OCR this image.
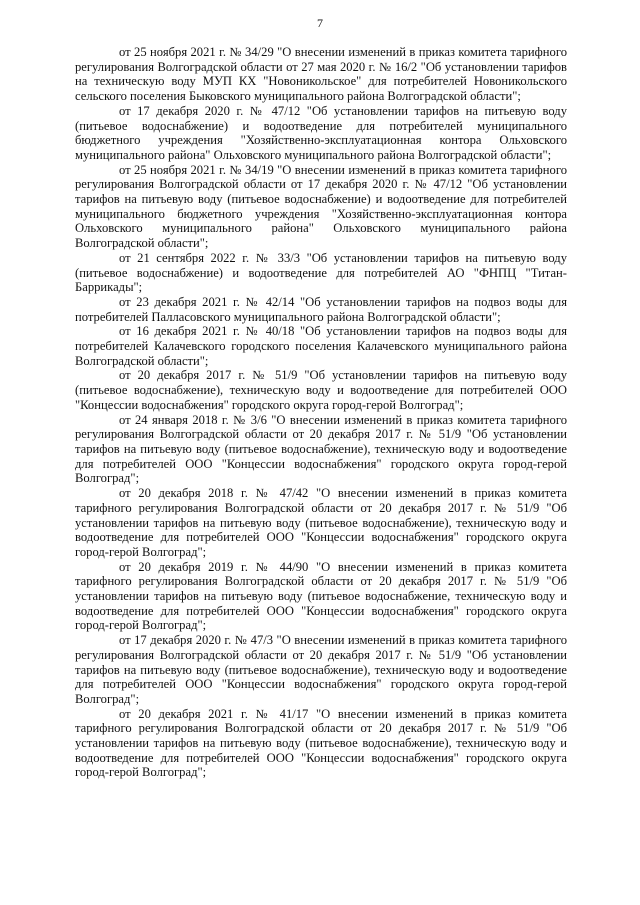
7

от 25 ноября 2021 г. № 34/29 "О внесении изменений в приказ комитета тарифного регулирования Волгоградской области от 27 мая 2020 г. № 16/2 "Об установлении тарифов на техническую воду МУП КХ "Новоникольское" для потребителей Новоникольского сельского поселения Быковского муниципального района Волгоградской области";

от 17 декабря 2020 г. № 47/12 "Об установлении тарифов на питьевую воду (питьевое водоснабжение) и водоотведение для потребителей муниципального бюджетного учреждения "Хозяйственно-эксплуатационная контора Ольховского муниципального района" Ольховского муниципального района Волгоградской области";

от 25 ноября 2021 г. № 34/19 "О внесении изменений в приказ комитета тарифного регулирования Волгоградской области от 17 декабря 2020 г. № 47/12 "Об установлении тарифов на питьевую воду (питьевое водоснабжение) и водоотведение для потребителей муниципального бюджетного учреждения "Хозяйственно-эксплуатационная контора Ольховского муниципального района" Ольховского муниципального района Волгоградской области";

от 21 сентября 2022 г. № 33/3 "Об установлении тарифов на питьевую воду (питьевое водоснабжение) и водоотведение для потребителей АО "ФНПЦ "Титан-Баррикады";

от 23 декабря 2021 г. № 42/14 "Об установлении тарифов на подвоз воды для потребителей Палласовского муниципального района Волгоградской области";

от 16 декабря 2021 г. № 40/18 "Об установлении тарифов на подвоз воды для потребителей Калачевского городского поселения Калачевского муниципального района Волгоградской области";

от 20 декабря 2017 г. № 51/9 "Об установлении тарифов на питьевую воду (питьевое водоснабжение), техническую воду и водоотведение для потребителей ООО "Концессии водоснабжения" городского округа город-герой Волгоград";

от 24 января 2018 г. № 3/6 "О внесении изменений в приказ комитета тарифного регулирования Волгоградской области от 20 декабря 2017 г. № 51/9 "Об установлении тарифов на питьевую воду (питьевое водоснабжение), техническую воду и водоотведение для потребителей ООО "Концессии водоснабжения" городского округа город-герой Волгоград";

от 20 декабря 2018 г. № 47/42 "О внесении изменений в приказ комитета тарифного регулирования Волгоградской области от 20 декабря 2017 г. № 51/9 "Об установлении тарифов на питьевую воду (питьевое водоснабжение), техническую воду и водоотведение для потребителей ООО "Концессии водоснабжения" городского округа город-герой Волгоград";

от 20 декабря 2019 г. № 44/90 "О внесении изменений в приказ комитета тарифного регулирования Волгоградской области от 20 декабря 2017 г. № 51/9 "Об установлении тарифов на питьевую воду (питьевое водоснабжение, техническую воду и водоотведение для потребителей ООО "Концессии водоснабжения" городского округа город-герой Волгоград";

от 17 декабря 2020 г. № 47/3 "О внесении изменений в приказ комитета тарифного регулирования Волгоградской области от 20 декабря 2017 г. № 51/9 "Об установлении тарифов на питьевую воду (питьевое водоснабжение), техническую воду и водоотведение для потребителей ООО "Концессии водоснабжения" городского округа город-герой Волгоград";

от 20 декабря 2021 г. № 41/17 "О внесении изменений в приказ комитета тарифного регулирования Волгоградской области от 20 декабря 2017 г. № 51/9 "Об установлении тарифов на питьевую воду (питьевое водоснабжение), техническую воду и водоотведение для потребителей ООО "Концессии водоснабжения" городского округа город-герой Волгоград";
